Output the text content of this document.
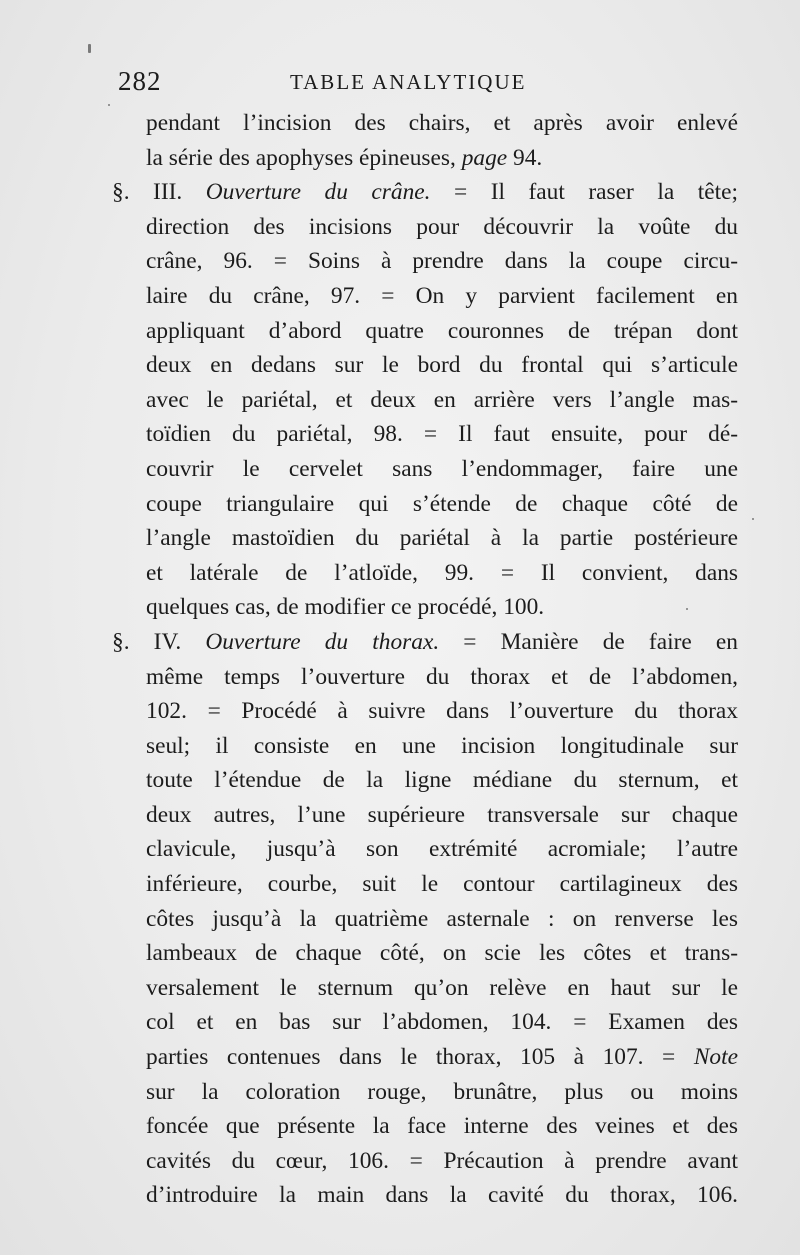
282	TABLE ANALYTIQUE
pendant l’incision des chairs, et après avoir enlevé
la série des apophyses épineuses, page 94.
§. III. Ouverture du crâne. = Il faut raser la tête;
direction des incisions pour découvrir la voûte du
crâne, 96. = Soins à prendre dans la coupe circu-
laire du crâne, 97. = On y parvient facilement en
appliquant d’abord quatre couronnes de trépan dont
deux en dedans sur le bord du frontal qui s’articule
avec le pariétal, et deux en arrière vers l’angle mas-
toïdien du pariétal, 98. = Il faut ensuite, pour dé-
couvrir le cervelet sans l’endommager, faire une
coupe triangulaire qui s’étende de chaque côté de
l’angle mastoïdien du pariétal à la partie postérieure
et latérale de l’atloïde, 99. = Il convient, dans
quelques cas, de modifier ce procédé, 100.
§. IV. Ouverture du thorax. = Manière de faire en
même temps l’ouverture du thorax et de l’abdomen,
102. = Procédé à suivre dans l’ouverture du thorax
seul; il consiste en une incision longitudinale sur
toute l’étendue de la ligne médiane du sternum, et
deux autres, l’une supérieure transversale sur chaque
clavicule, jusqu’à son extrémité acromiale; l’autre
inférieure, courbe, suit le contour cartilagineux des
côtes jusqu’à la quatrième asternale : on renverse les
lambeaux de chaque côté, on scie les côtes et trans-
versalement le sternum qu’on relève en haut sur le
col et en bas sur l’abdomen, 104. = Examen des
parties contenues dans le thorax, 105 à 107. = Note
sur la coloration rouge, brunâtre, plus ou moins
foncée que présente la face interne des veines et des
cavités du cœur, 106. = Précaution à prendre avant
d’introduire la main dans la cavité du thorax, 106.
